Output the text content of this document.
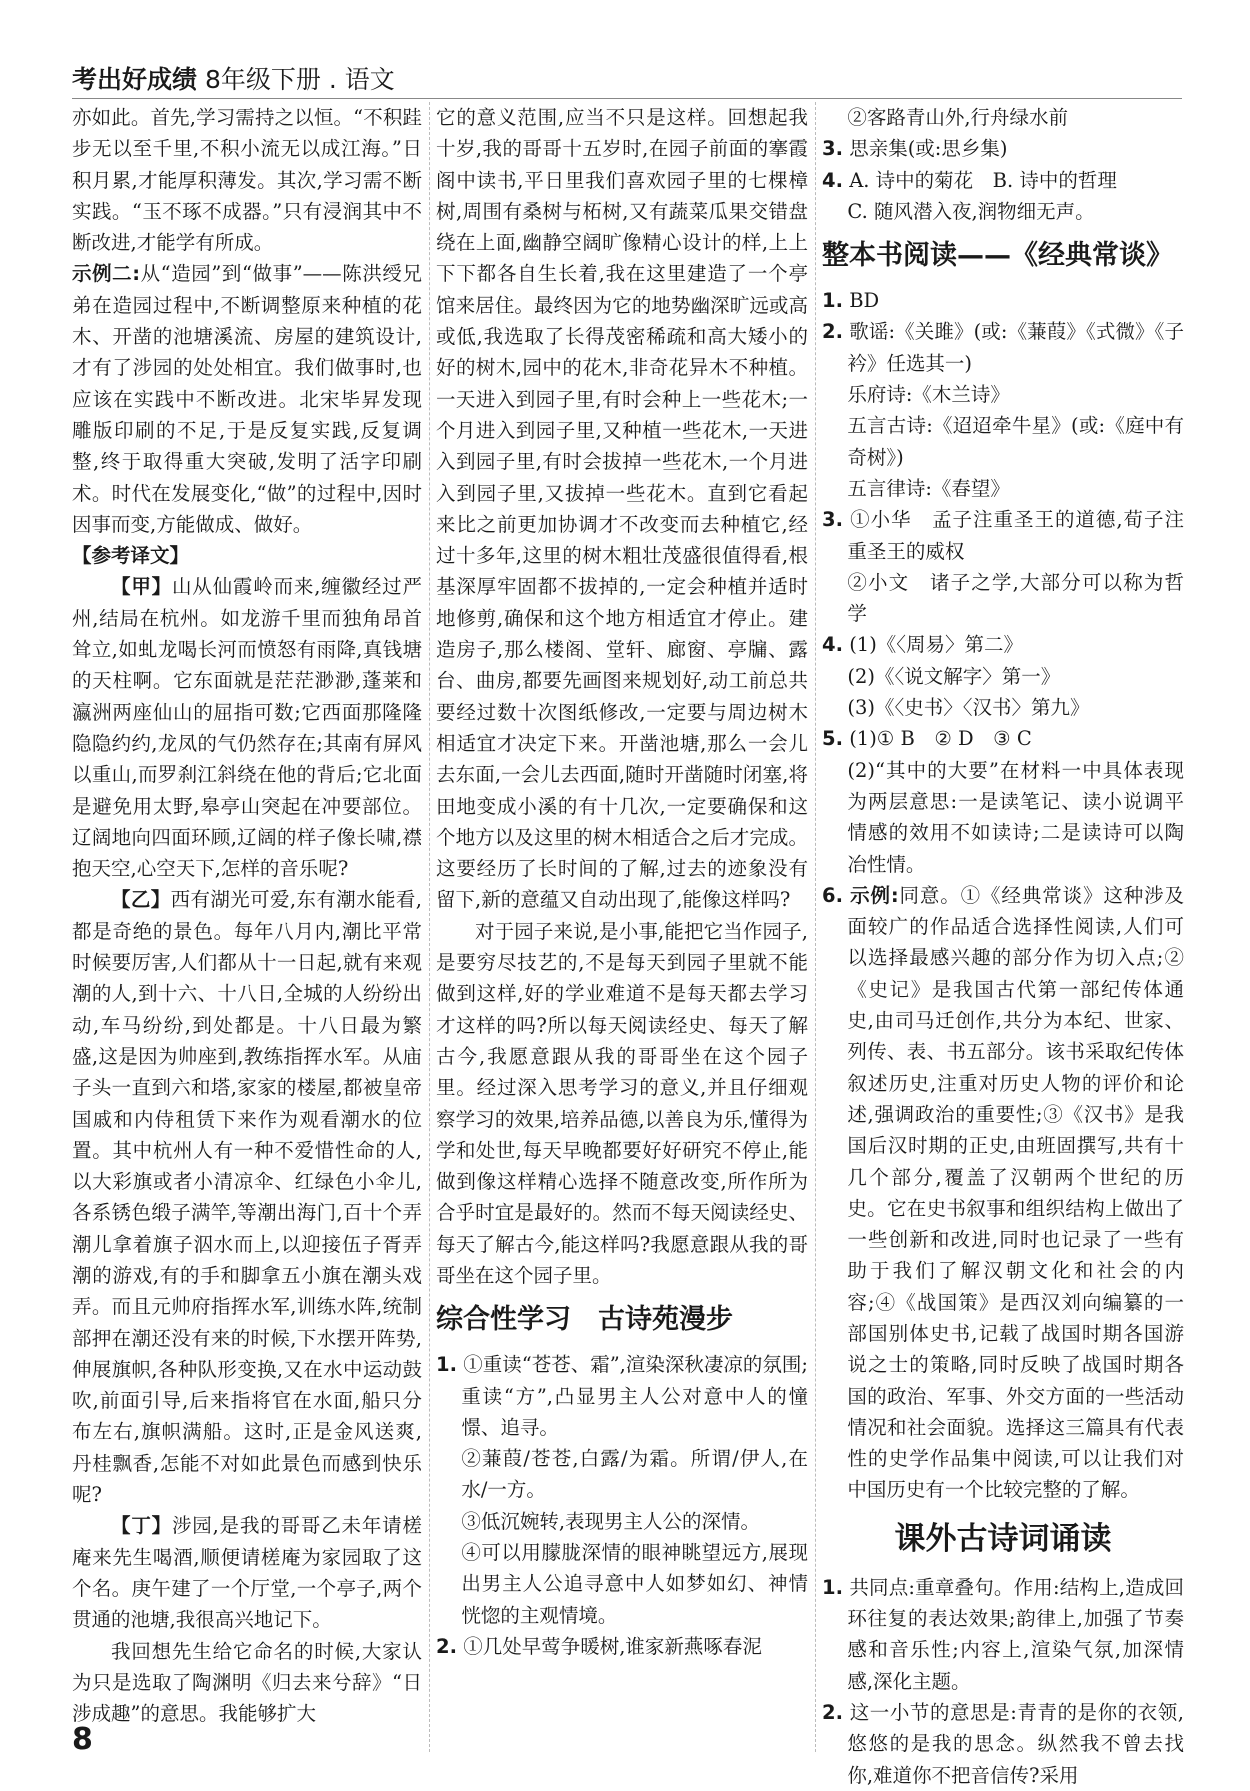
考出好成绩 8年级下册 . 语文

亦如此。首先,学习需持之以恒。“不积跬步无以至千里,不积小流无以成江海。”日积月累,才能厚积薄发。其次,学习需不断实践。“玉不琢不成器。”只有浸润其中不断改进,才能学有所成。

示例二:从“造园”到“做事”——陈洪绶兄弟在造园过程中,不断调整原来种植的花木、开凿的池塘溪流、房屋的建筑设计,才有了涉园的处处相宜。我们做事时,也应该在实践中不断改进。北宋毕昇发现雕版印刷的不足,于是反复实践,反复调整,终于取得重大突破,发明了活字印刷术。时代在发展变化,“做”的过程中,因时因事而变,方能做成、做好。

【参考译文】

【甲】山从仙霞岭而来,缠徽经过严州,结局在杭州。如龙游千里而独角昂首耸立,如虬龙喝长河而愤怒有雨降,真钱塘的天柱啊。它东面就是茫茫渺渺,蓬莱和瀛洲两座仙山的屈指可数;它西面那隆隆隐隐约约,龙凤的气仍然存在;其南有屏风以重山,而罗刹江斜绕在他的背后;它北面是避免用太野,皋亭山突起在冲要部位。辽阔地向四面环顾,辽阔的样子像长啸,襟抱天空,心空天下,怎样的音乐呢?

【乙】西有湖光可爱,东有潮水能看,都是奇绝的景色。每年八月内,潮比平常时候要厉害,人们都从十一日起,就有来观潮的人,到十六、十八日,全城的人纷纷出动,车马纷纷,到处都是。十八日最为繁盛,这是因为帅座到,教练指挥水军。从庙子头一直到六和塔,家家的楼屋,都被皇帝国戚和内侍租赁下来作为观看潮水的位置。其中杭州人有一种不爱惜性命的人,以大彩旗或者小清凉伞、红绿色小伞儿,各系锈色缎子满竿,等潮出海门,百十个弄潮儿拿着旗子泅水而上,以迎接伍子胥弄潮的游戏,有的手和脚拿五小旗在潮头戏弄。而且元帅府指挥水军,训练水阵,统制部押在潮还没有来的时候,下水摆开阵势,伸展旗帜,各种队形变换,又在水中运动鼓吹,前面引导,后来指将官在水面,船只分布左右,旗帜满船。这时,正是金风送爽,丹桂飘香,怎能不对如此景色而感到快乐呢?

【丁】涉园,是我的哥哥乙未年请槎庵来先生喝酒,顺便请槎庵为家园取了这个名。庚午建了一个厅堂,一个亭子,两个贯通的池塘,我很高兴地记下。

我回想先生给它命名的时候,大家认为只是选取了陶渊明《归去来兮辞》“日涉成趣”的意思。我能够扩大

它的意义范围,应当不只是这样。回想起我十岁,我的哥哥十五岁时,在园子前面的搴霞阁中读书,平日里我们喜欢园子里的七棵樟树,周围有桑树与柘树,又有蔬菜瓜果交错盘绕在上面,幽静空阔旷像精心设计的样,上上下下都各自生长着,我在这里建造了一个亭馆来居住。最终因为它的地势幽深旷远或高或低,我选取了长得茂密稀疏和高大矮小的好的树木,园中的花木,非奇花异木不种植。一天进入到园子里,有时会种上一些花木;一个月进入到园子里,又种植一些花木,一天进入到园子里,有时会拔掉一些花木,一个月进入到园子里,又拔掉一些花木。直到它看起来比之前更加协调才不改变而去种植它,经过十多年,这里的树木粗壮茂盛很值得看,根基深厚牢固都不拔掉的,一定会种植并适时地修剪,确保和这个地方相适宜才停止。建造房子,那么楼阁、堂轩、廊窗、亭牖、露台、曲房,都要先画图来规划好,动工前总共要经过数十次图纸修改,一定要与周边树木相适宜才决定下来。开凿池塘,那么一会儿去东面,一会儿去西面,随时开凿随时闭塞,将田地变成小溪的有十几次,一定要确保和这个地方以及这里的树木相适合之后才完成。这要经历了长时间的了解,过去的迹象没有留下,新的意蕴又自动出现了,能像这样吗?

对于园子来说,是小事,能把它当作园子,是要穷尽技艺的,不是每天到园子里就不能做到这样,好的学业难道不是每天都去学习才这样的吗?所以每天阅读经史、每天了解古今,我愿意跟从我的哥哥坐在这个园子里。经过深入思考学习的意义,并且仔细观察学习的效果,培养品德,以善良为乐,懂得为学和处世,每天早晚都要好好研究不停止,能做到像这样精心选择不随意改变,所作所为合乎时宜是最好的。然而不每天阅读经史、每天了解古今,能这样吗?我愿意跟从我的哥哥坐在这个园子里。

综合性学习　古诗苑漫步

1. ①重读“苍苍、霜”,渲染深秋凄凉的氛围;重读“方”,凸显男主人公对意中人的憧憬、追寻。

②蒹葭/苍苍,白露/为霜。所谓/伊人,在水/一方。

③低沉婉转,表现男主人公的深情。

④可以用朦胧深情的眼神眺望远方,展现出男主人公追寻意中人如梦如幻、神情恍惚的主观情境。

2. ①几处早莺争暖树,谁家新燕啄春泥

②客路青山外,行舟绿水前

3. 思亲集(或:思乡集)

4. A. 诗中的菊花　B. 诗中的哲理

C. 随风潜入夜,润物细无声。

整本书阅读——《经典常谈》

1. BD

2. 歌谣:《关雎》(或:《蒹葭》《式微》《子衿》任选其一)

乐府诗:《木兰诗》

五言古诗:《迢迢牵牛星》(或:《庭中有奇树》)

五言律诗:《春望》

3. ①小华　孟子注重圣王的道德,荀子注重圣王的威权

②小文　诸子之学,大部分可以称为哲学

4. (1)《〈周易〉第二》

(2)《〈说文解字〉第一》

(3)《〈史书〉〈汉书〉第九》

5. (1)① B　② D　③ C

(2)“其中的大要”在材料一中具体表现为两层意思:一是读笔记、读小说调平情感的效用不如读诗;二是读诗可以陶冶性情。

6. 示例:同意。①《经典常谈》这种涉及面较广的作品适合选择性阅读,人们可以选择最感兴趣的部分作为切入点;②《史记》是我国古代第一部纪传体通史,由司马迁创作,共分为本纪、世家、列传、表、书五部分。该书采取纪传体叙述历史,注重对历史人物的评价和论述,强调政治的重要性;③《汉书》是我国后汉时期的正史,由班固撰写,共有十几个部分,覆盖了汉朝两个世纪的历史。它在史书叙事和组织结构上做出了一些创新和改进,同时也记录了一些有助于我们了解汉朝文化和社会的内容;④《战国策》是西汉刘向编纂的一部国别体史书,记载了战国时期各国游说之士的策略,同时反映了战国时期各国的政治、军事、外交方面的一些活动情况和社会面貌。选择这三篇具有代表性的史学作品集中阅读,可以让我们对中国历史有一个比较完整的了解。

课外古诗词诵读

1. 共同点:重章叠句。作用:结构上,造成回环往复的表达效果;韵律上,加强了节奏感和音乐性;内容上,渲染气氛,加深情感,深化主题。

2. 这一小节的意思是:青青的是你的衣领,悠悠的是我的思念。纵然我不曾去找你,难道你不把音信传?采用

8
